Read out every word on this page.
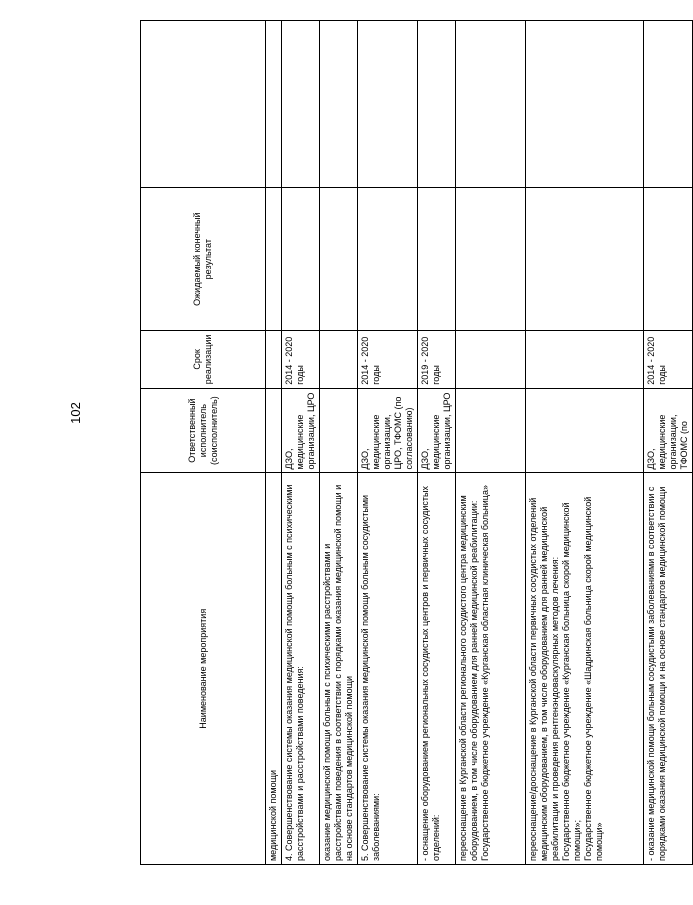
102
Наименование мероприятия	Ответственный исполнитель (соисполнитель)	Срок реализации	Ожидаемый конечный результат	
медицинской помощи				
4. Совершенствование системы оказания медицинской помощи больным с психическими расстройствами и расстройствами поведения:	ДЗО, медицинские организации, ЦРО	2014 - 2020 годы		
оказание медицинской помощи больным с психическими расстройствами и расстройствами поведения в соответствии с порядками оказания медицинской помощи и на основе стандартов медицинской помощи				
5. Совершенствование системы оказания медицинской помощи больным сосудистыми заболеваниями:	ДЗО, медицинские организации, ЦРО, ТФОМС (по согласованию)	2014 - 2020 годы		
- оснащение оборудованием региональных сосудистых центров и первичных сосудистых отделений:	ДЗО, медицинские организации, ЦРО	2019 - 2020 годы		

переоснащение в Курганской области регионального сосудистого центра медицинским оборудованием, в том числе оборудованием для ранней медицинской реабилитации: Государственное бюджетное учреждение «Курганская областная клиническая больница»				

переоснащение/дооснащение в Курганской области первичных сосудистых отделений медицинским оборудованием, в том числе оборудованием для ранней медицинской реабилитации и проведения рентгенэндоваскулярных методов лечения: Государственное бюджетное учреждение «Курганская больница скорой медицинской помощи»; Государственное бюджетное учреждение «Шадринская больница скорой медицинской помощи»				

- оказание медицинской помощи больным сосудистыми заболеваниями в соответствии с порядками оказания медицинской помощи и на основе стандартов медицинской помощи	ДЗО, медицинские организации, ТФОМС (по	2014 - 2020 годы		
